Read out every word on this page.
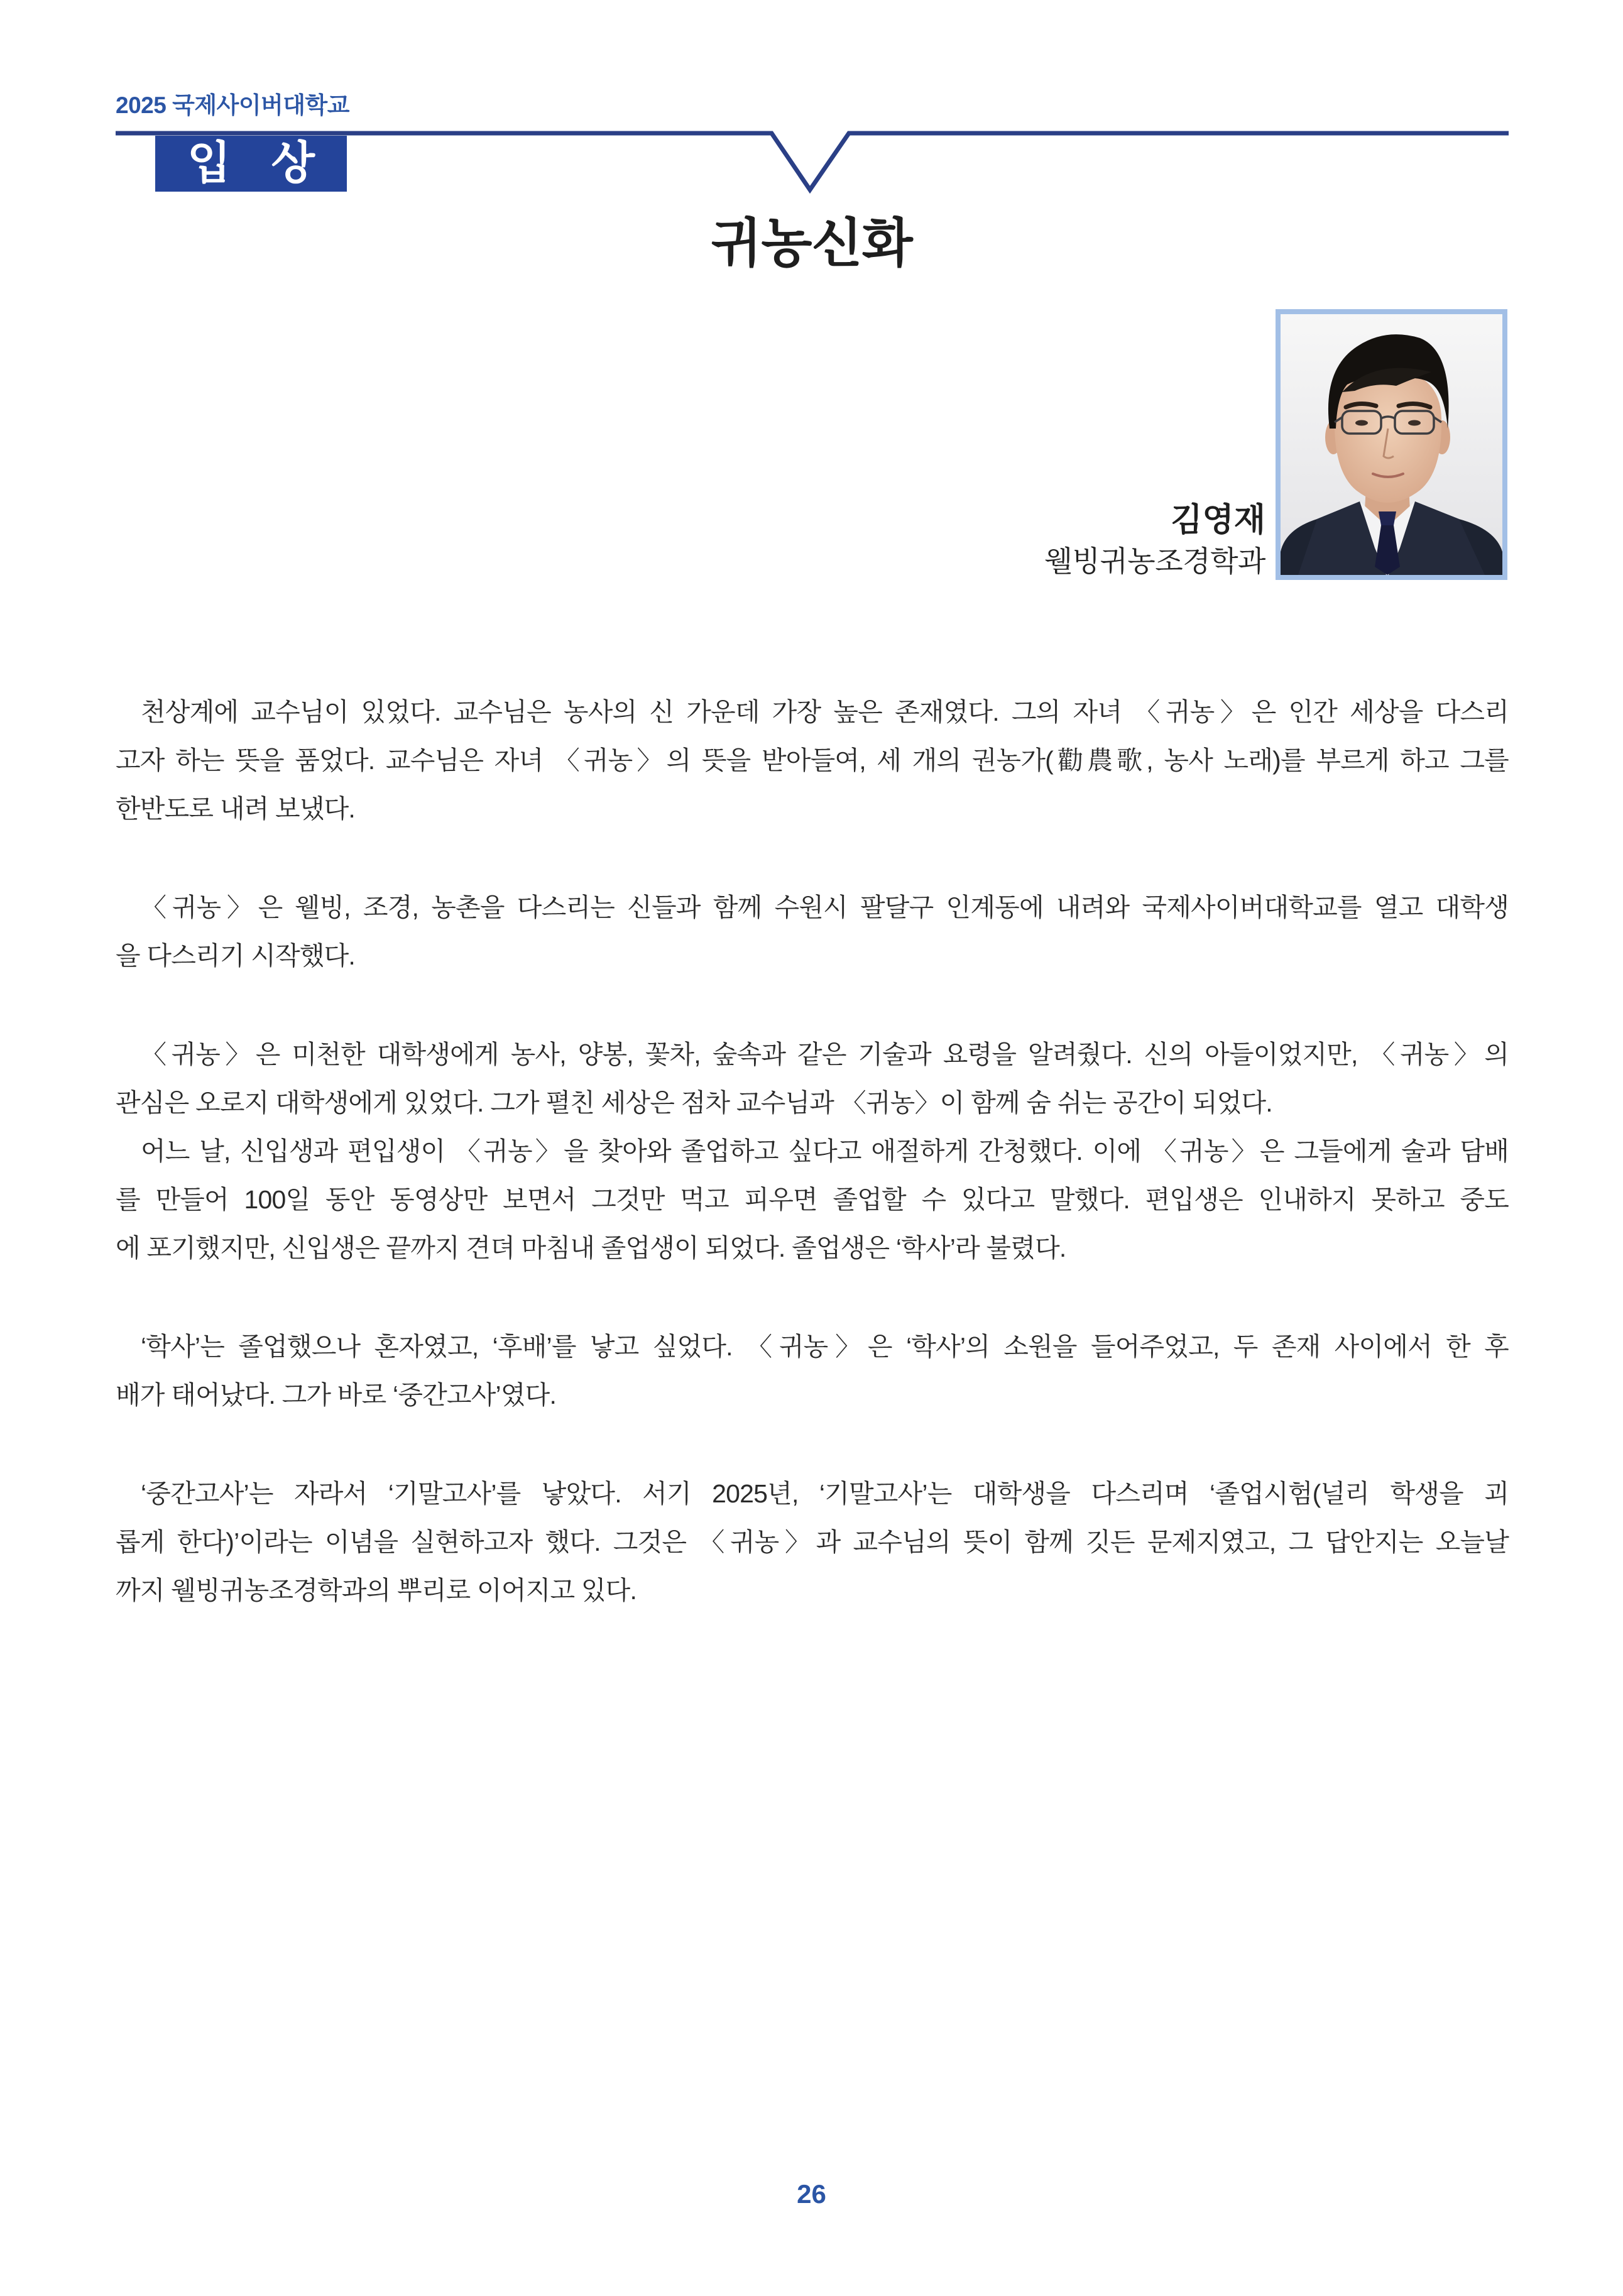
2025 국제사이버대학교
입 상
귀농신화
김영재
웰빙귀농조경학과
천상계에 교수님이 있었다. 교수님은 농사의 신 가운데 가장 높은 존재였다. 그의 자녀 〈귀농〉은 인간 세상을 다스리
고자 하는 뜻을 품었다. 교수님은 자녀 〈귀농〉의 뜻을 받아들여, 세 개의 권농가(勸農歌, 농사 노래)를 부르게 하고 그를
한반도로 내려 보냈다.
〈귀농〉은 웰빙, 조경, 농촌을 다스리는 신들과 함께 수원시 팔달구 인계동에 내려와 국제사이버대학교를 열고 대학생
을 다스리기 시작했다.
〈귀농〉은 미천한 대학생에게 농사, 양봉, 꽃차, 숲속과 같은 기술과 요령을 알려줬다. 신의 아들이었지만, 〈귀농〉의
관심은 오로지 대학생에게 있었다. 그가 펼친 세상은 점차 교수님과 〈귀농〉이 함께 숨 쉬는 공간이 되었다.
어느 날, 신입생과 편입생이 〈귀농〉을 찾아와 졸업하고 싶다고 애절하게 간청했다. 이에 〈귀농〉은 그들에게 술과 담배
를 만들어 100일 동안 동영상만 보면서 그것만 먹고 피우면 졸업할 수 있다고 말했다. 편입생은 인내하지 못하고 중도
에 포기했지만, 신입생은 끝까지 견뎌 마침내 졸업생이 되었다. 졸업생은 ‘학사’라 불렸다.
‘학사’는 졸업했으나 혼자였고, ‘후배’를 낳고 싶었다. 〈귀농〉은 ‘학사’의 소원을 들어주었고, 두 존재 사이에서 한 후
배가 태어났다. 그가 바로 ‘중간고사’였다.
‘중간고사’는 자라서 ‘기말고사’를 낳았다. 서기 2025년, ‘기말고사’는 대학생을 다스리며 ‘졸업시험(널리 학생을 괴
롭게 한다)’이라는 이념을 실현하고자 했다. 그것은 〈귀농〉과 교수님의 뜻이 함께 깃든 문제지였고, 그 답안지는 오늘날
까지 웰빙귀농조경학과의 뿌리로 이어지고 있다.
26
